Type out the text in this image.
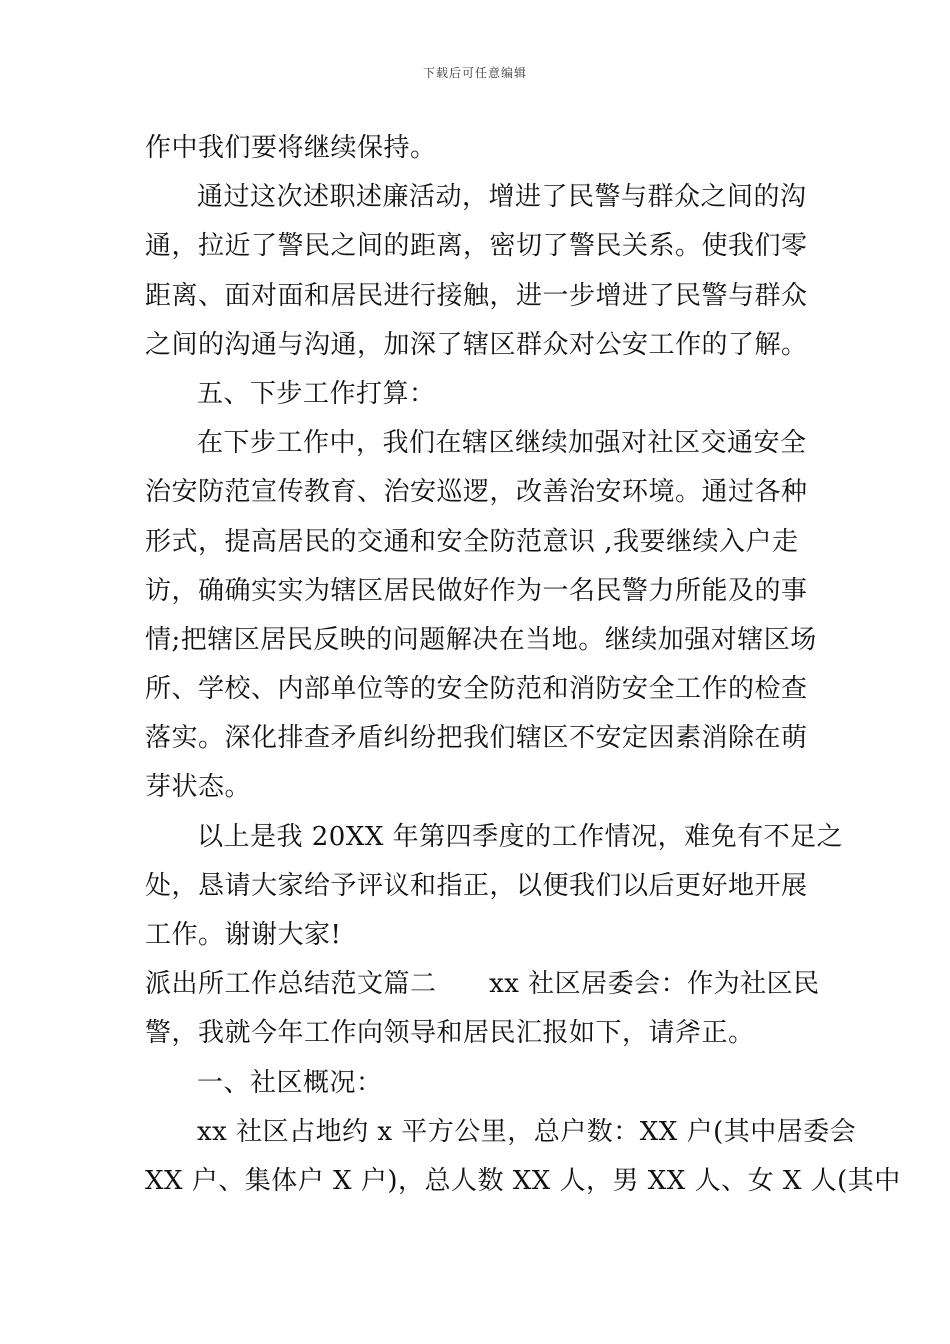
下载后可任意编辑
作中我们要将继续保持。
通过这次述职述廉活动，增进了民警与群众之间的沟
通，拉近了警民之间的距离，密切了警民关系。使我们零
距离、面对面和居民进行接触，进一步增进了民警与群众
之间的沟通与沟通，加深了辖区群众对公安工作的了解。
五、下步工作打算：
在下步工作中，我们在辖区继续加强对社区交通安全
治安防范宣传教育、治安巡逻，改善治安环境。通过各种
形式，提高居民的交通和安全防范意识 ,我要继续入户走
访，确确实实为辖区居民做好作为一名民警力所能及的事
情;把辖区居民反映的问题解决在当地。继续加强对辖区场
所、学校、内部单位等的安全防范和消防安全工作的检查
落实。深化排查矛盾纠纷把我们辖区不安定因素消除在萌
芽状态。
以上是我 20XX 年第四季度的工作情况，难免有不足之
处，恳请大家给予评议和指正，以便我们以后更好地开展
工作。谢谢大家!
派出所工作总结范文篇二      xx 社区居委会：作为社区民
警，我就今年工作向领导和居民汇报如下，请斧正。
一、社区概况：
xx 社区占地约 x 平方公里，总户数：XX 户(其中居委会
XX 户、集体户 X 户)，总人数 XX 人，男 XX 人、女 X 人(其中
